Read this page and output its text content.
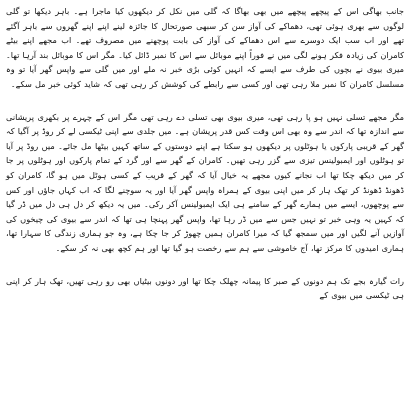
جانب بھاگی اس کے پیچھے پیچھے میں بھی بھاگا کہ گلی میں نکل کر دیکھوں کیا ماجرا ہے۔ باہر دیکھا تو گلی لوگوں سے بھری ہوئی تھی، دھماکے کی آواز سن کر سبھی صورتحال کا جائزہ لینے اپنے اپنے گھروں سے باہر آگئے تھے اور اب سب ایک دوسرے سے اس دھماکے کی آواز کی بابت پوچھنے میں مصروف تھے۔ اب مجھے اپنے بیٹے کامران کی زیادہ فکر ہونے لگی میں نے فوراً اپنے موبائل سے اس کا نمبر ڈائل کیا۔ مگر اس کا موبائل بند آرہا تھا۔ میری بیوی نے بچوں کی طرف سے ایسے کہ انہیں کوئی بڑی خبر نہ ملے اور میں گلی سے واپس گھر آیا تو وہ مسلسل کامران کا نمبر ملا رہی تھی اور کسی سے رابطے کی کوشش کر رہی تھی کہ شاید کوئی خبر مل سکے۔

مگر مجھے تسلی نہیں ہو پا رہی تھی، میری بیوی بھی تسلی دے رہی تھی مگر اس کے چہرے پر بکھری پریشانی سے اندازہ تھا کہ اندر سے وہ بھی اس وقت کس قدر پریشان ہے۔ میں جلدی سے اپنی ٹیکسی لے کر روڈ پر آگیا کہ گھر کے قریبی پارکوں یا ہوٹلوں پر دیکھوں ہو سکتا ہے اپنے دوستوں کے ساتھ کہیں بیٹھا مل جائے۔ میں روڈ پر آیا تو ہوٹلوں اور ایمبولینس تیزی سے گزر رہی تھیں۔ کامران کے گھر سے اور گرد کے تمام پارکوں اور ہوٹلوں پر جا کر میں دیکھ چکا تھا اب نجانے کیوں مجھے یہ خیال آیا کہ گھر کے قریب کے کسی ہوٹل میں ہو گا، کامران کو ڈھونڈ ڈھونڈ کر تھک ہار کر میں اپنی بیوی کے ہمراہ واپس گھر آیا اور یہ سوچنے لگا کہ اب کہاں جاؤں اور کس سے پوچھوں، ایسے میں ہمارے گھر کے سامنے ہی ایک ایمبولینس آکر رکی۔ میں یہ دیکھ کر دل ہی دل میں ڈر گیا کہ کہیں یہ وہی خبر تو نہیں جس سے میں ڈر رہا تھا، واپس گھر پہنچا ہی تھا کہ اندر سے بیوی کی چیخوں کی آوازیں آنے لگیں اور میں سمجھ گیا کہ میرا کامران ہمیں چھوڑ کر جا چکا ہے، وہ جو ہماری زندگی کا سہارا تھا، ہماری امیدوں کا مرکز تھا، آج خاموشی سے ہم سے رخصت ہو گیا تھا اور ہم کچھ بھی نہ کر سکے۔

رات گیارہ بجے تک ہم دونوں کے صبر کا پیمانہ چھلک چکا تھا اور دونوں بیٹیاں بھی رو رہی تھیں، تھک ہار کر اپنی ہی ٹیکسی میں بیوی کے
